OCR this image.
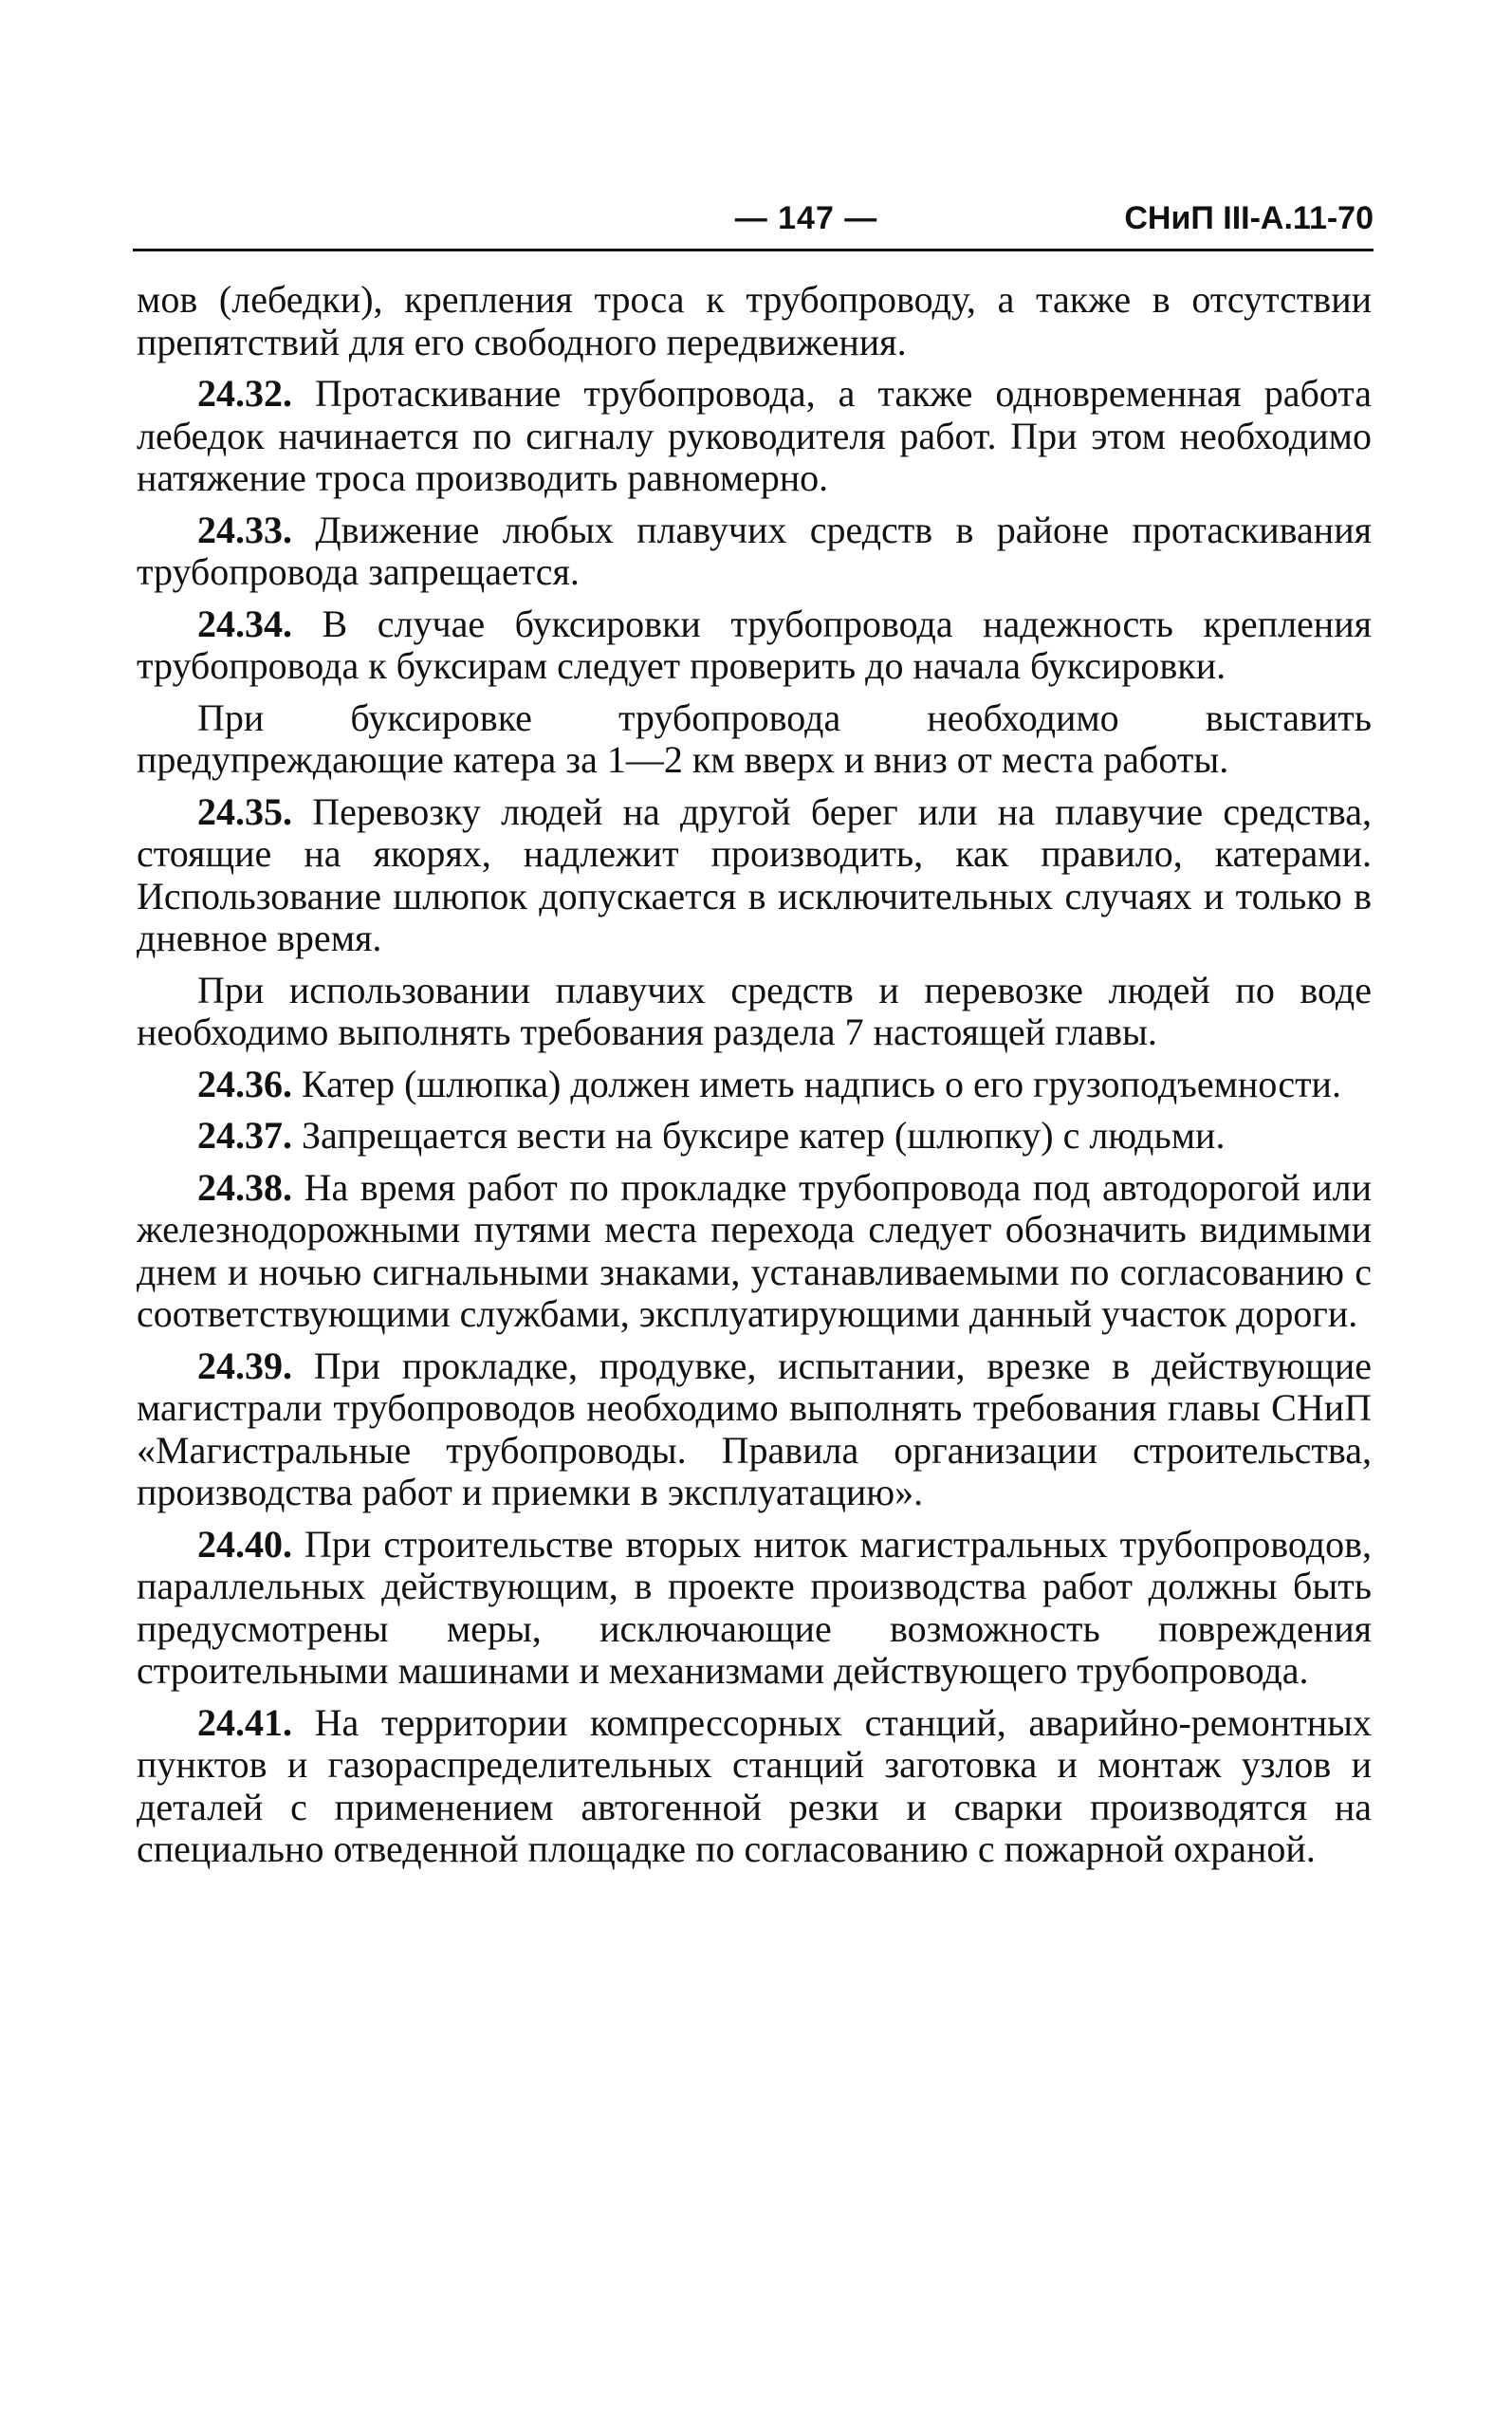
— 147 —	СНиП III-А.11-70

мов (лебедки), крепления троса к трубопроводу, а также в отсутствии препятствий для его свободного передвижения.

24.32. Протаскивание трубопровода, а также одновременная работа лебедок начинается по сигналу руководителя работ. При этом необходимо натяжение троса производить равномерно.

24.33. Движение любых плавучих средств в районе протаскивания трубопровода запрещается.

24.34. В случае буксировки трубопровода надежность крепления трубопровода к буксирам следует проверить до начала буксировки.

При буксировке трубопровода необходимо выставить предупреждающие катера за 1—2 км вверх и вниз от места работы.

24.35. Перевозку людей на другой берег или на плавучие средства, стоящие на якорях, надлежит производить, как правило, катерами. Использование шлюпок допускается в исключительных случаях и только в дневное время.

При использовании плавучих средств и перевозке людей по воде необходимо выполнять требования раздела 7 настоящей главы.

24.36. Катер (шлюпка) должен иметь надпись о его грузоподъемности.

24.37. Запрещается вести на буксире катер (шлюпку) с людьми.

24.38. На время работ по прокладке трубопровода под автодорогой или железнодорожными путями места перехода следует обозначить видимыми днем и ночью сигнальными знаками, устанавливаемыми по согласованию с соответствующими службами, эксплуатирующими данный участок дороги.

24.39. При прокладке, продувке, испытании, врезке в действующие магистрали трубопроводов необходимо выполнять требования главы СНиП «Магистральные трубопроводы. Правила организации строительства, производства работ и приемки в эксплуатацию».

24.40. При строительстве вторых ниток магистральных трубопроводов, параллельных действующим, в проекте производства работ должны быть предусмотрены меры, исключающие возможность повреждения строительными машинами и механизмами действующего трубопровода.

24.41. На территории компрессорных станций, аварийно-ремонтных пунктов и газораспределительных станций заготовка и монтаж узлов и деталей с применением автогенной резки и сварки производятся на специально отведенной площадке по согласованию с пожарной охраной.
